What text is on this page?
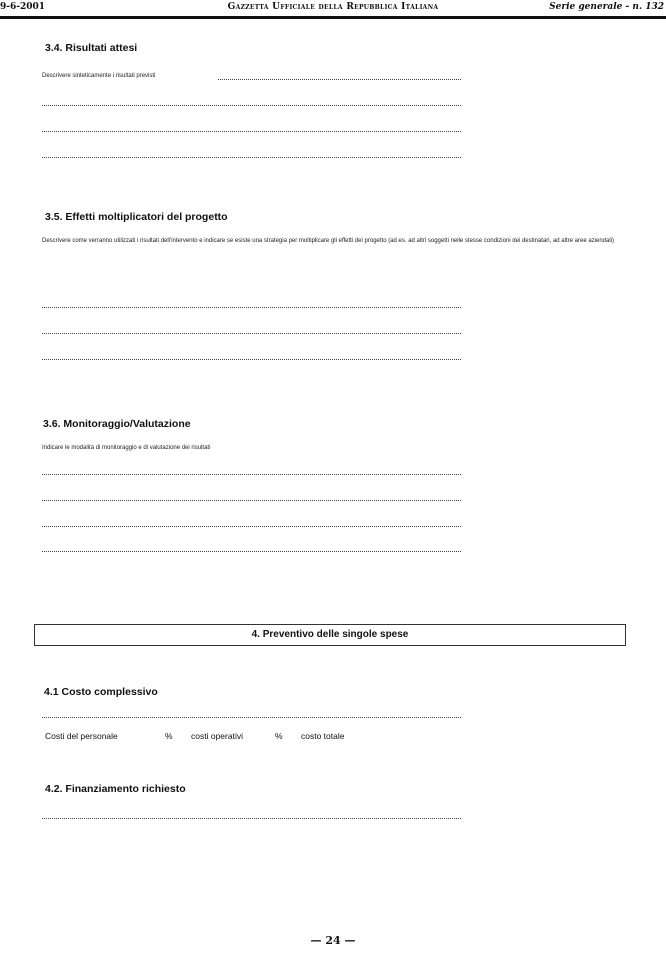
9-6-2001	Gazzetta Ufficiale della Repubblica Italiana	Serie generale - n. 132
3.4. Risultati attesi
Descrivere sinteticamente i risultati previsti
3.5. Effetti moltiplicatori del progetto
Descrivere come verranno utilizzati i risultati dell'intervento e indicare se esiste una strategia per moltiplicare gli effetti del progetto (ad es. ad altri soggetti nelle stesse condizioni dei destinatari, ad altre aree aziendali)
3.6. Monitoraggio/Valutazione
Indicare le modalità di monitoraggio e di valutazione dei risultati
4. Preventivo delle singole spese
4.1 Costo complessivo
Costi del personale	% costi operativi	% costo totale
4.2. Finanziamento richiesto
— 24 —
